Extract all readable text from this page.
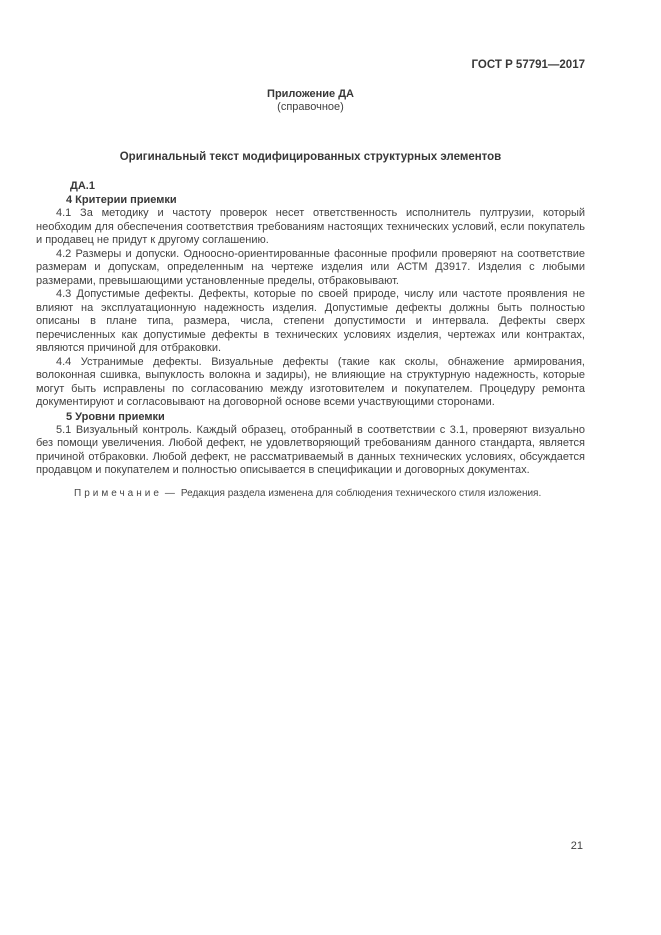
ГОСТ Р 57791—2017
Приложение ДА
(справочное)
Оригинальный текст модифицированных структурных элементов
ДА.1
4 Критерии приемки
4.1 За методику и частоту проверок несет ответственность исполнитель пултрузии, который необходим для обеспечения соответствия требованиям настоящих технических условий, если покупатель и продавец не придут к другому соглашению.
4.2 Размеры и допуски. Одноосно-ориентированные фасонные профили проверяют на соответствие размерам и допускам, определенным на чертеже изделия или АСТМ Д3917. Изделия с любыми размерами, превышающими установленные пределы, отбраковывают.
4.3 Допустимые дефекты. Дефекты, которые по своей природе, числу или частоте проявления не влияют на эксплуатационную надежность изделия. Допустимые дефекты должны быть полностью описаны в плане типа, размера, числа, степени допустимости и интервала. Дефекты сверх перечисленных как допустимые дефекты в технических условиях изделия, чертежах или контрактах, являются причиной для отбраковки.
4.4 Устранимые дефекты. Визуальные дефекты (такие как сколы, обнажение армирования, волоконная сшивка, выпуклость волокна и задиры), не влияющие на структурную надежность, которые могут быть исправлены по согласованию между изготовителем и покупателем. Процедуру ремонта документируют и согласовывают на договорной основе всеми участвующими сторонами.
5 Уровни приемки
5.1 Визуальный контроль. Каждый образец, отобранный в соответствии с 3.1, проверяют визуально без помощи увеличения. Любой дефект, не удовлетворяющий требованиям данного стандарта, является причиной отбраковки. Любой дефект, не рассматриваемый в данных технических условиях, обсуждается продавцом и покупателем и полностью описывается в спецификации и договорных документах.
Примечание — Редакция раздела изменена для соблюдения технического стиля изложения.
21
